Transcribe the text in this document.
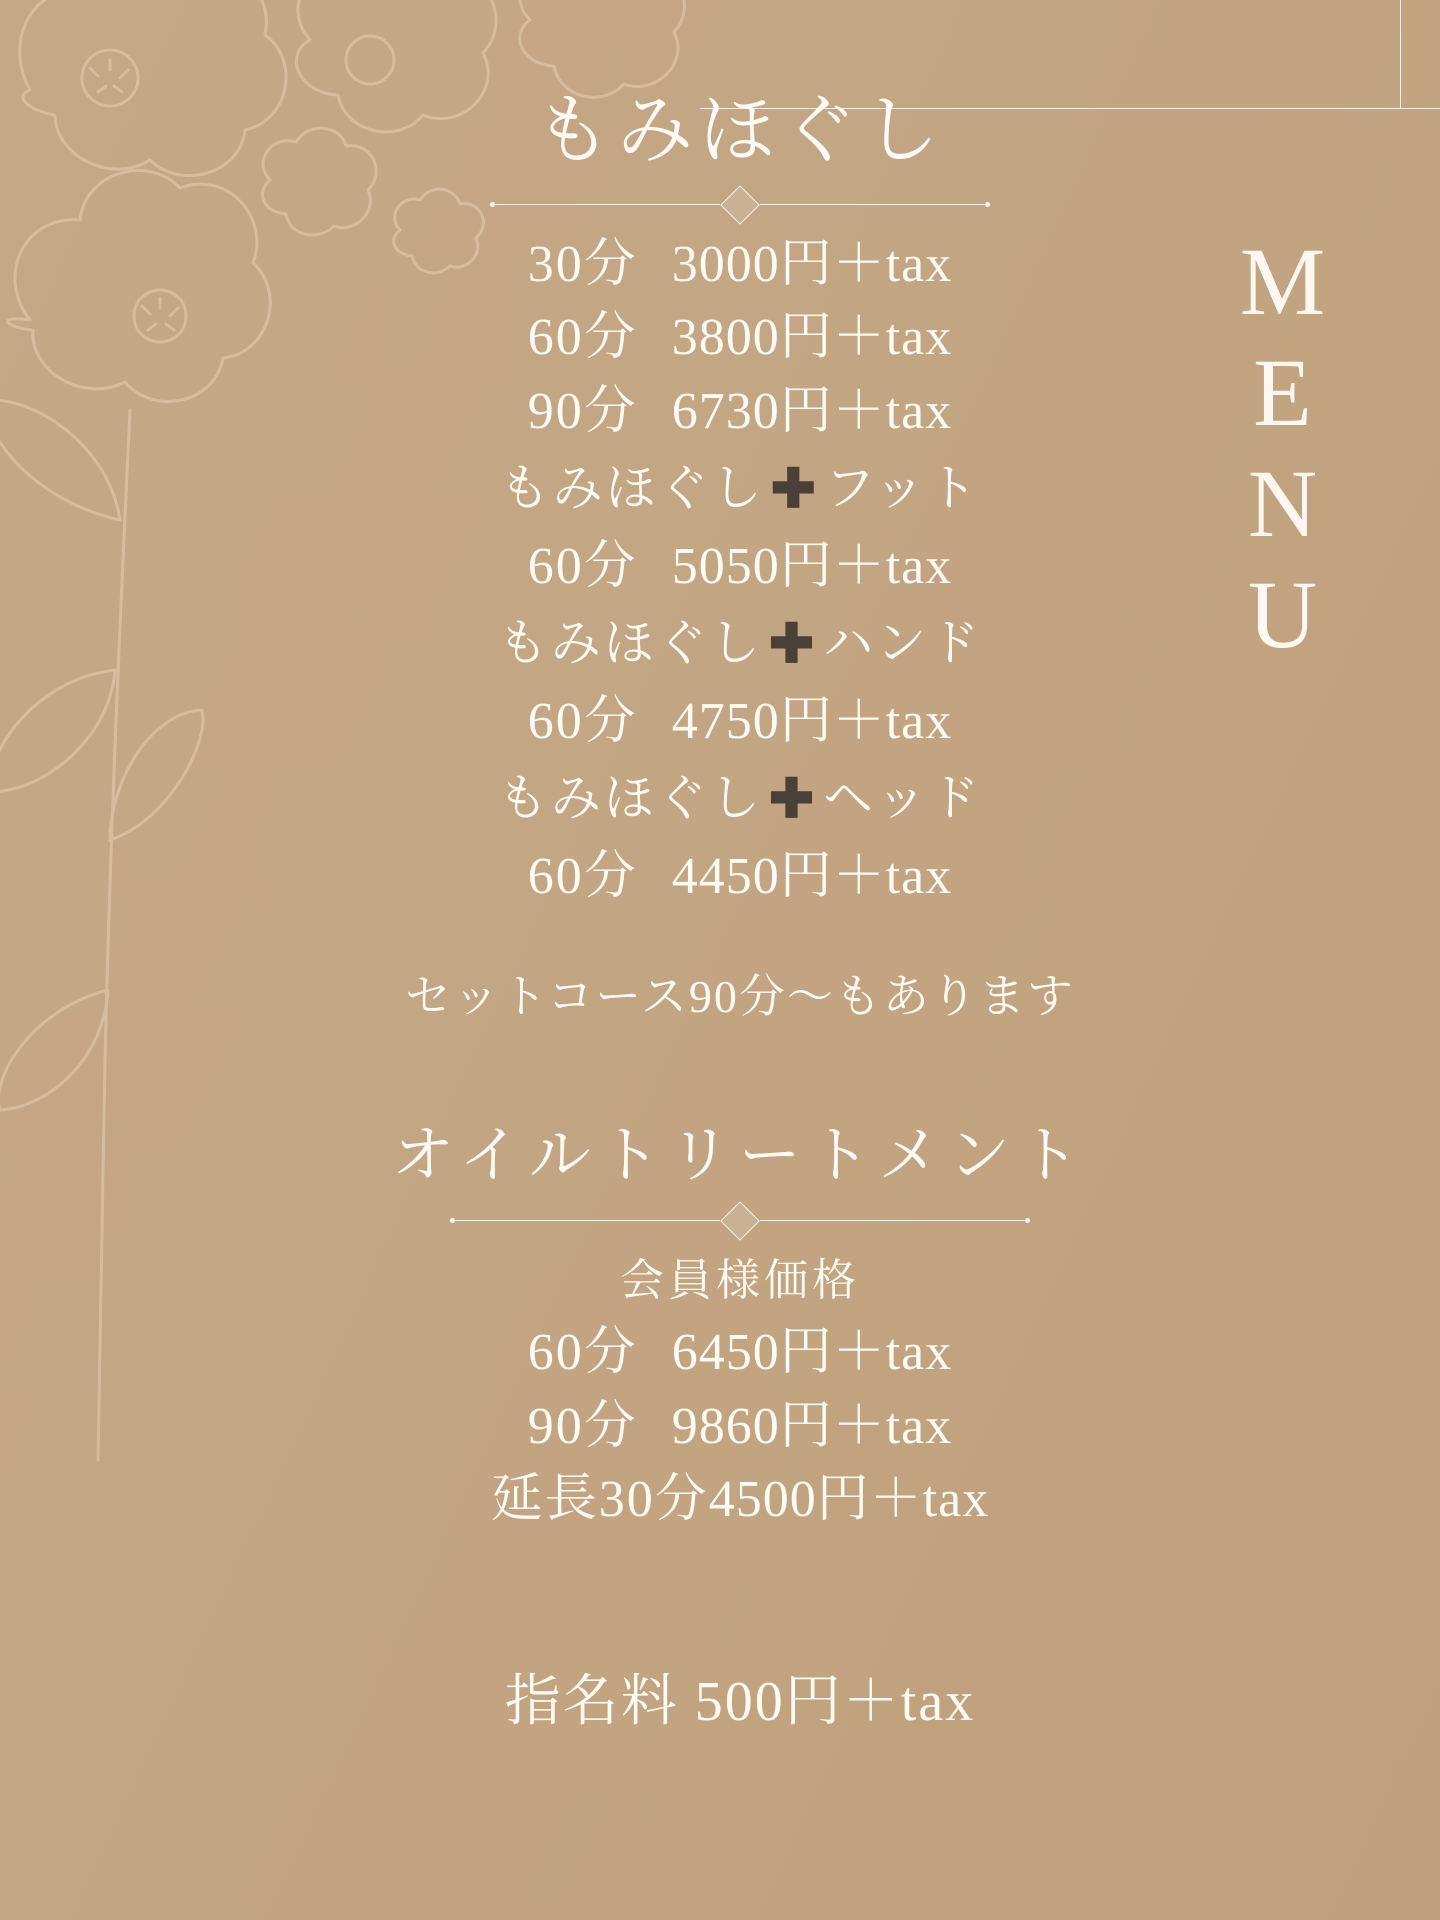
MENU
もみほぐし
30分 3000円＋tax
60分 3800円＋tax
90分 6730円＋tax
もみほぐし ✚ フット
60分 5050円＋tax
もみほぐし ✚ ハンド
60分 4750円＋tax
もみほぐし ✚ ヘッド
60分 4450円＋tax
セットコース90分〜もあります
オイルトリートメント
会員様価格
60分 6450円＋tax
90分 9860円＋tax
延長30分4500円＋tax
指名料 500円＋tax
